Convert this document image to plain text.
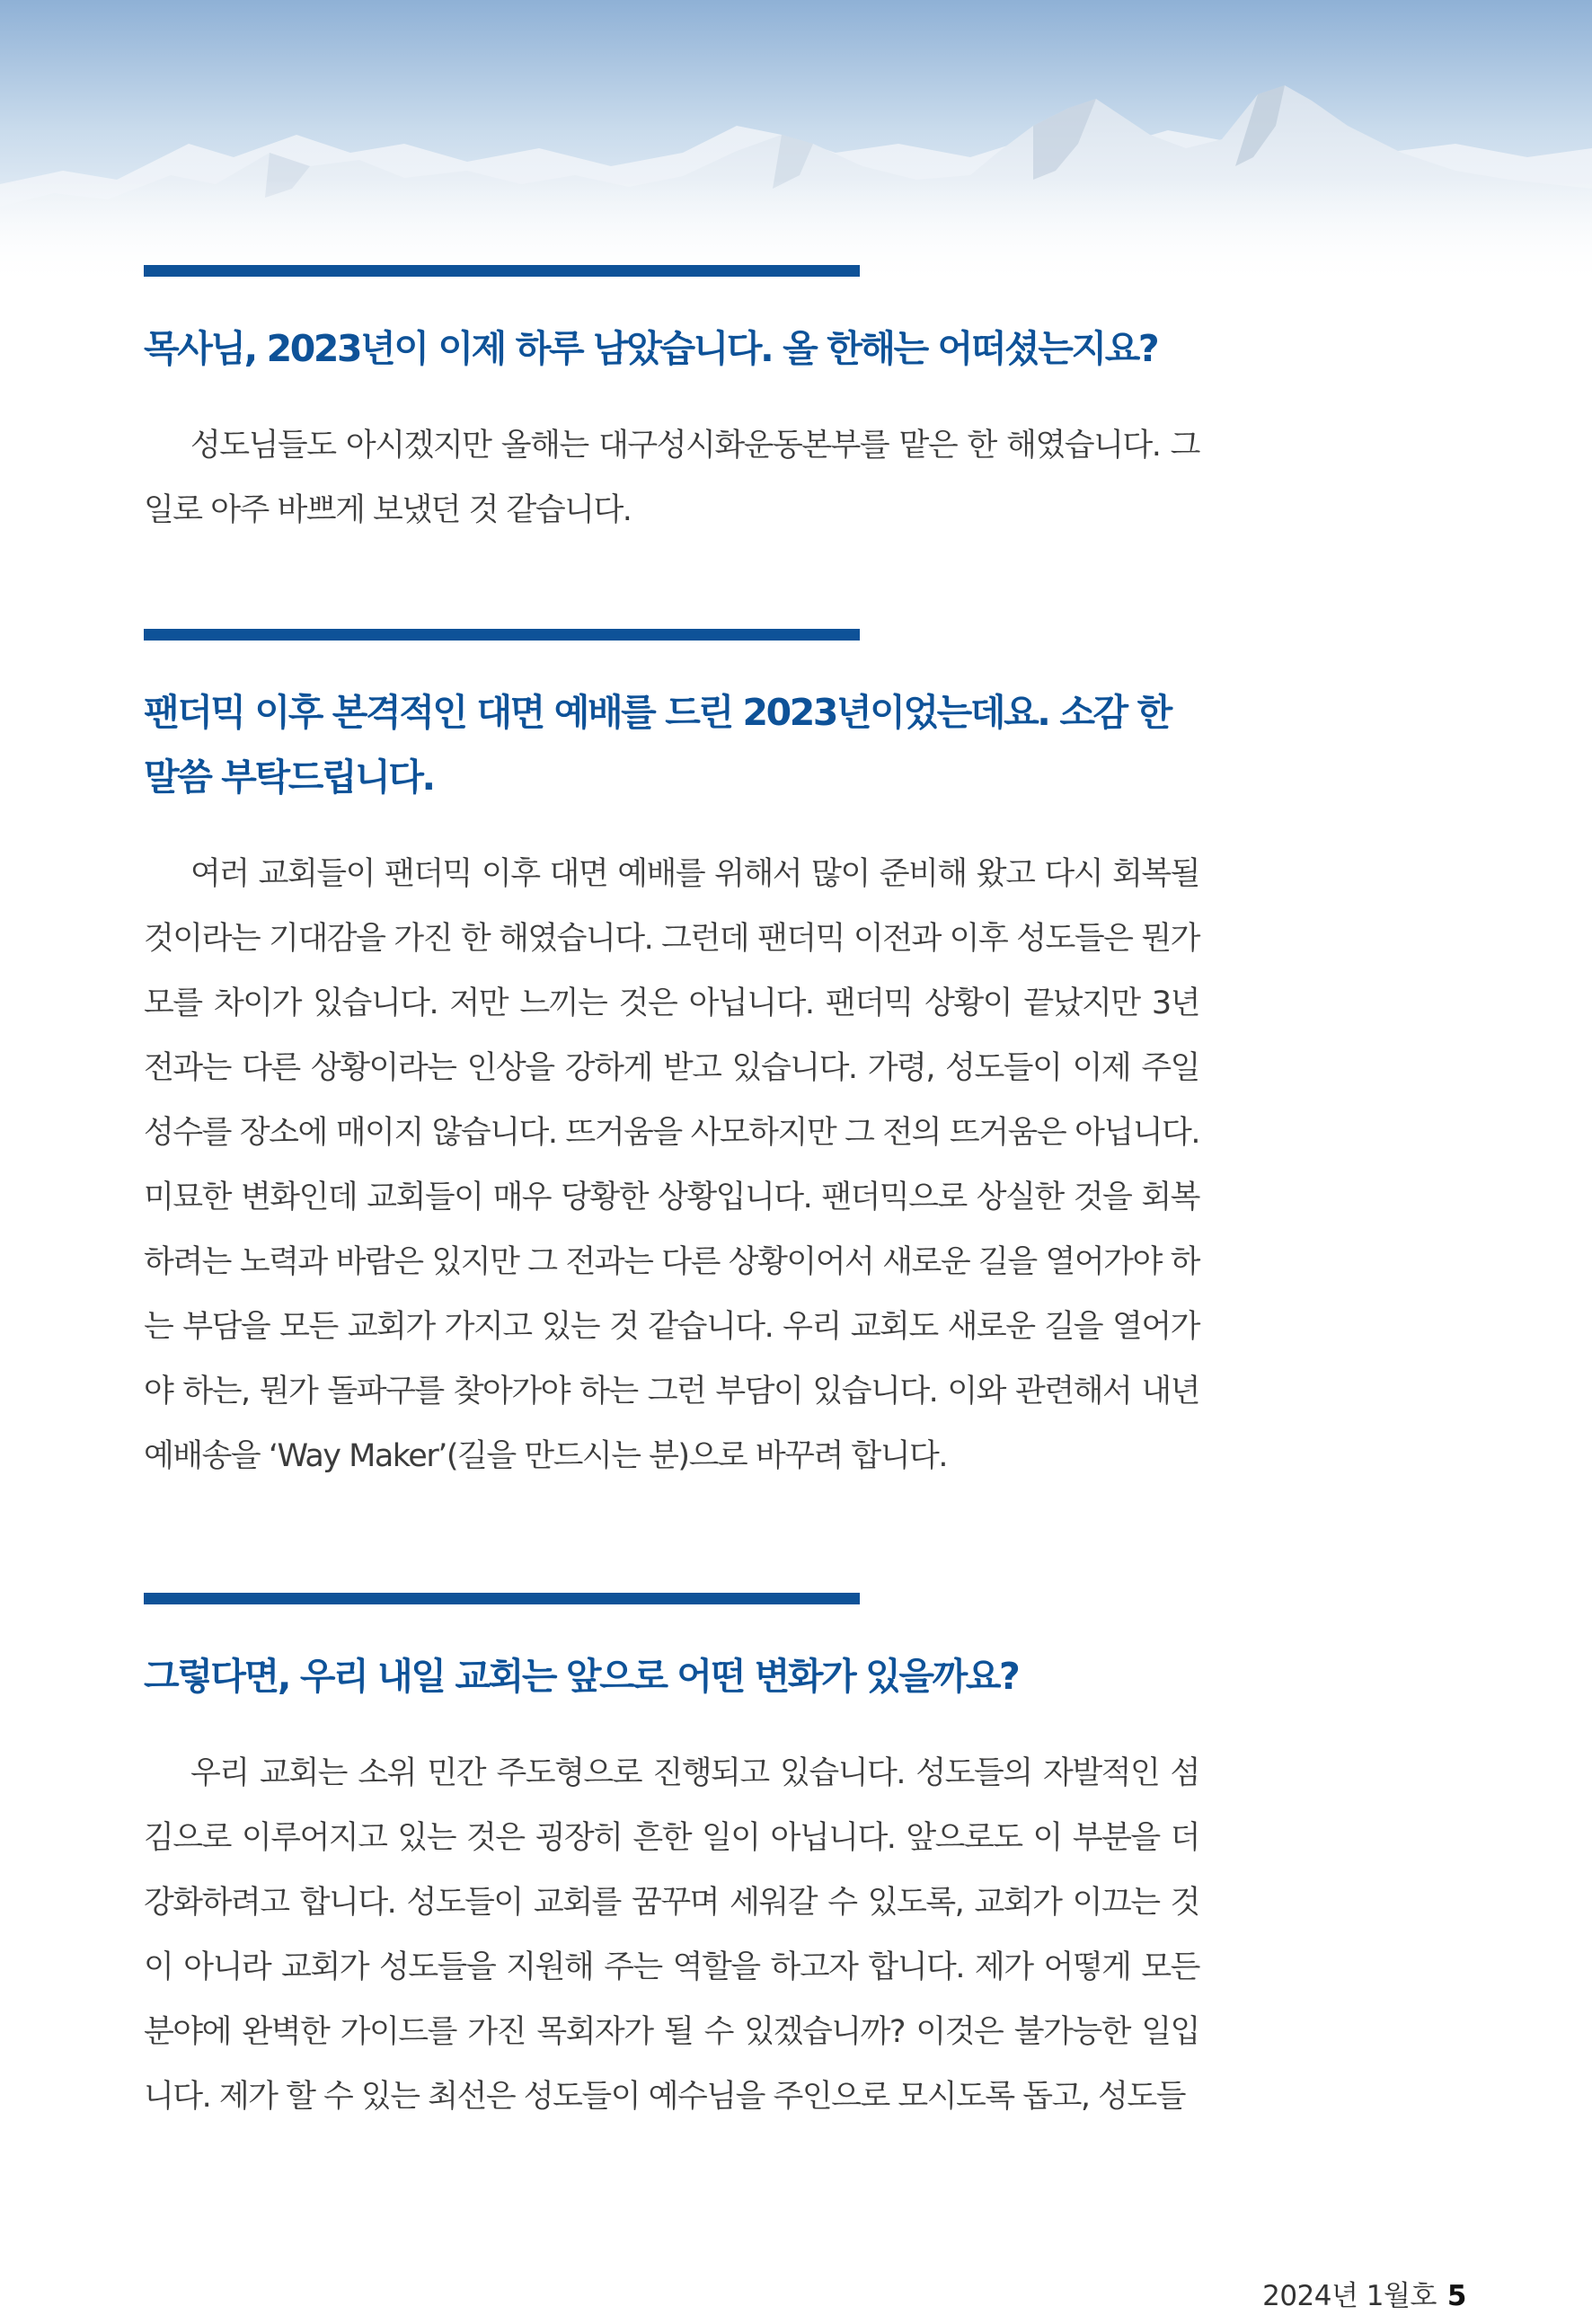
목사님, 2023년이 이제 하루 남았습니다. 올 한해는 어떠셨는지요?

성도님들도 아시겠지만 올해는 대구성시화운동본부를 맡은 한 해였습니다. 그 일로 아주 바쁘게 보냈던 것 같습니다.

팬더믹 이후 본격적인 대면 예배를 드린 2023년이었는데요. 소감 한 말씀 부탁드립니다.

여러 교회들이 팬더믹 이후 대면 예배를 위해서 많이 준비해 왔고 다시 회복될 것이라는 기대감을 가진 한 해였습니다. 그런데 팬더믹 이전과 이후 성도들은 뭔가 모를 차이가 있습니다. 저만 느끼는 것은 아닙니다. 팬더믹 상황이 끝났지만 3년 전과는 다른 상황이라는 인상을 강하게 받고 있습니다. 가령, 성도들이 이제 주일 성수를 장소에 매이지 않습니다. 뜨거움을 사모하지만 그 전의 뜨거움은 아닙니다. 미묘한 변화인데 교회들이 매우 당황한 상황입니다. 팬더믹으로 상실한 것을 회복하려는 노력과 바람은 있지만 그 전과는 다른 상황이어서 새로운 길을 열어가야 하는 부담을 모든 교회가 가지고 있는 것 같습니다. 우리 교회도 새로운 길을 열어가야 하는, 뭔가 돌파구를 찾아가야 하는 그런 부담이 있습니다. 이와 관련해서 내년 예배송을 ‘Way Maker’(길을 만드시는 분)으로 바꾸려 합니다.

그렇다면, 우리 내일 교회는 앞으로 어떤 변화가 있을까요?

우리 교회는 소위 민간 주도형으로 진행되고 있습니다. 성도들의 자발적인 섬김으로 이루어지고 있는 것은 굉장히 흔한 일이 아닙니다. 앞으로도 이 부분을 더 강화하려고 합니다. 성도들이 교회를 꿈꾸며 세워갈 수 있도록, 교회가 이끄는 것이 아니라 교회가 성도들을 지원해 주는 역할을 하고자 합니다. 제가 어떻게 모든 분야에 완벽한 가이드를 가진 목회자가 될 수 있겠습니까? 이것은 불가능한 일입니다. 제가 할 수 있는 최선은 성도들이 예수님을 주인으로 모시도록 돕고, 성도들

2024년 1월호 5
